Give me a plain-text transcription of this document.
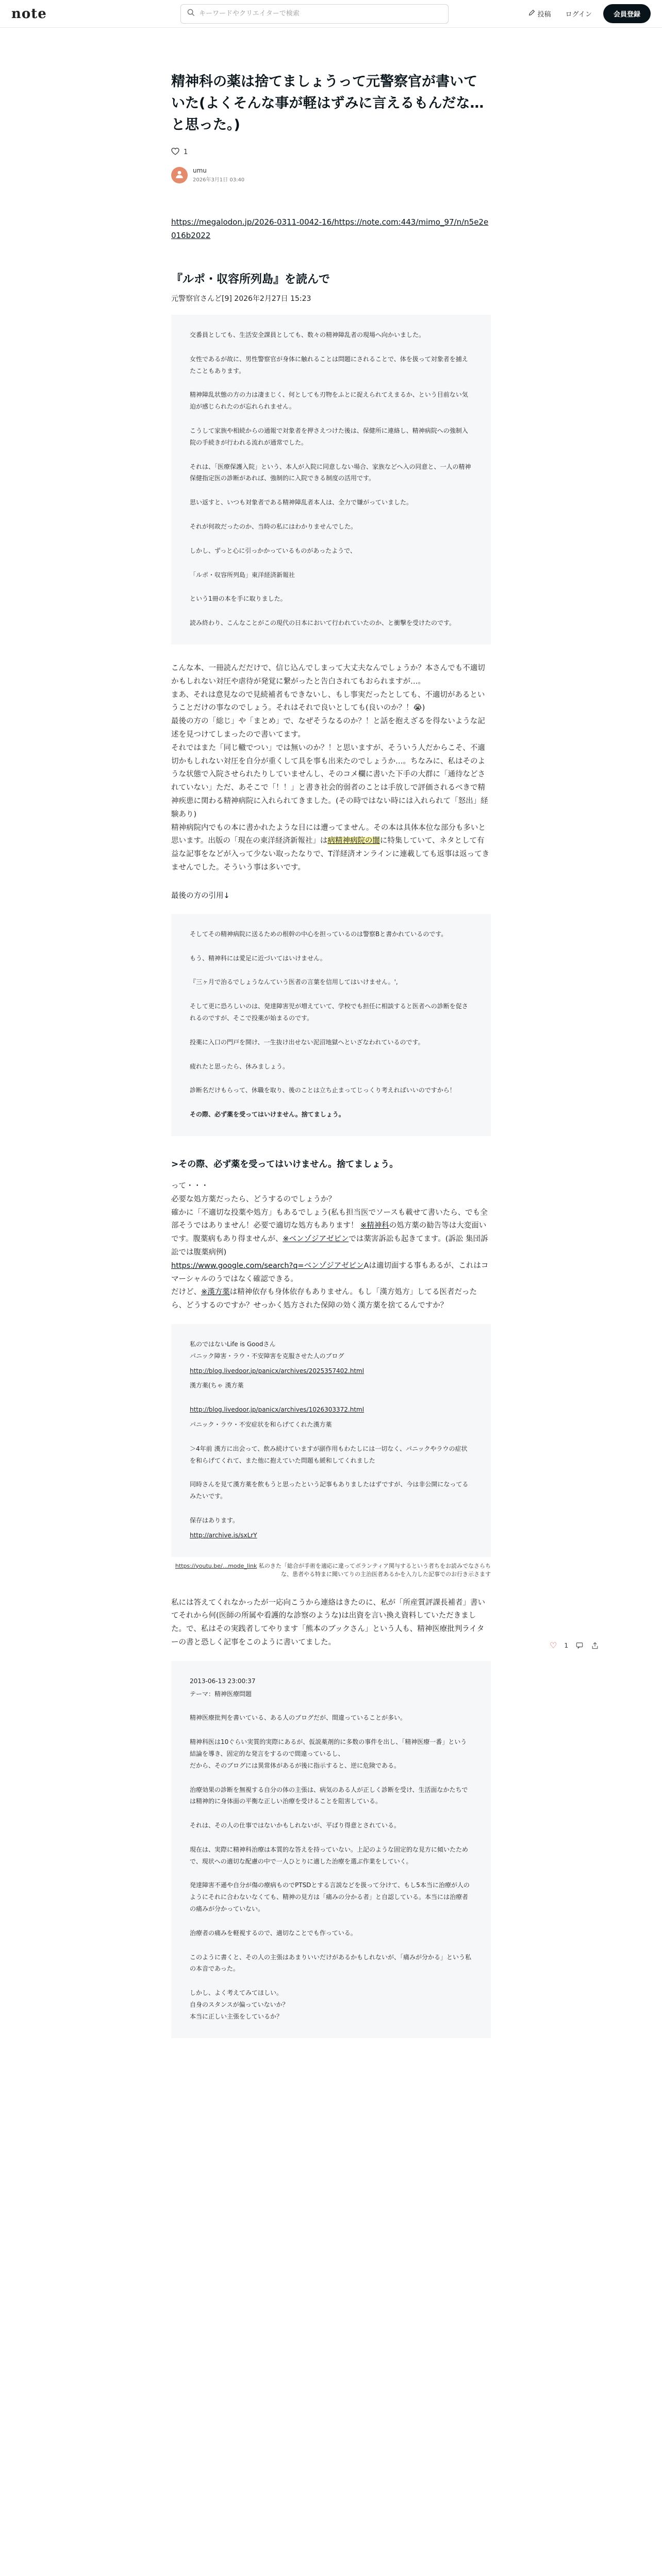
note
キーワードやクリエイターで検索	投稿	ログイン	会員登録
精神科の薬は捨てましょうって元警察官が書いていた(よくそんな事が軽はずみに言えるもんだな…と思った。)
1
umu
2026年3月1日 03:40
https://megalodon.jp/2026-0311-0042-16/https://note.com:443/mimo_97/n/n5e2e016b2022
『ルポ・収容所列島』を読んで
元警察官さんど[9] 2026年2月27日 15:23

交番員としても、生活安全課員としても、数々の精神障乱者の現場へ向かいました。

女性であるが故に、男性警察官が身体に触れることは問題にされることで、体を扱って対象者を捕えたこともあります。

精神障乱状態の方の力は凄まじく、何としても刃物をふとに捉えられてえまるか、という目前ない気迫が感じられたのが忘れられません。

こうして家族や相続からの通報で対象者を押さえつけた後は、保健所に連絡し、精神病院への強制入院の手続きが行われる流れが通常でした。

それは、「医療保護入院」という、本人が入院に同意しない場合、家族などへ入の同意と、一人の精神保健指定医の診断があれば、強制的に入院できる制度の活用です。

思い返すと、いつも対象者である精神障乱者本人は、全力で嫌がっていました。

それが何故だったのか、当時の私にはわかりませんでした。

しかし、ずっと心に引っかかっているものがあったようで、

「ルポ・収容所列島」東洋経済新報社

という1冊の本を手に取りました。

読み終わり、こんなことがこの現代の日本において行われていたのか、と衝撃を受けたのです。

こんな本、一冊読んだだけで、信じ込んでしまって大丈夫なんでしょうか？本さんでも不適切かもしれない対圧や虐待が発覚に繋がったと告白されてもおられますが…。
まあ、それは意見なので見続補者もできないし、もし事実だったとしても、不適切があるということだけの事なのでしょう。それはそれで良いとしても(良いのか？！😭)
最後の方の「総じ」や「まとめ」で、なぜそうなるのか？！と話を抱えざるを得ないような記述を見つけてしまったので書いてます。
それではまた「同じ轍でつい」では無いのか？！と思いますが、そういう人だからこそ、不適切かもしれない対圧を自分が重くして具を事も出来たのでしょうか…。ちなみに、私はそのような状態で入院させられたりしていませんし、そのコメ欄に書いた下手の大群に「通待などされていない」ただ、あそこで「！！」と書き社会的弱者のことは手放しで評価されるべきで精神疾患に関わる精神病院に入れられてきました。(その時ではない時には入れられて「怒出」経験あり)
精神病院内でもの本に書かれたような目には遭ってません。その本は具体本位な部分も多いと思います。出版の「現在の東洋経済新報社」は病精神病院の闇に特集していて、ネタとして有益な記事をなどが入って少ない取ったなりで、T洋経済オンラインに連載しても返事は返ってきませんでした。そういう事は多いです。
最後の方の引用↓

そしてその精神病院に送るための根幹の中心を担っているのは警察Bと書かれているのです。

もう、精神科には愛足に近づいてはいけません。

『三ヶ月で治るでしょうなんていう医者の言葉を信用してはいけません。',

そして更に恐ろしいのは、発達障害児が増えていて、学校でも担任に相談すると医者への診断を促されるのですが、そこで投薬が始まるのです。

投薬に入口の門戸を開け、一生抜け出せない泥沼地獄へといざなわれているのです。

疲れたと思ったら、休みましょう。

診断名だけもらって、休職を取り、後のことは立ち止まってじっくり考えればいいのですから！

その際、必ず薬を受ってはいけません。捨てましょう。

>その際、必ず薬を受ってはいけません。捨てましょう。
って・・・
必要な処方薬だったら、どうするのでしょうか？
確かに「不適切な投薬や処方」もあるでしょう(私も担当医でソースも載せて書いたら、でも全部そうではありません！必要で適切な処方もあります！ ※精神科の処方薬の勧告等は大変面いです。腹薬病もあり得ませんが、※ベンゾジアゼピンでは薬害訴訟も起きてます。(訴訟 集団訴訟では腹薬病例)
https://www.google.com/search?q=ベンゾジアゼピンAは適切面する事もあるが、これはコマーシャルのうではなく確認できる。
だけど、※漢方薬は精神依存も身体依存もありません。もし「漢方処方」してる医者だったら、どうするのですか？せっかく処方された保障の効く漢方薬を捨てるんですか？

私のではないLife is Goodさん
パニック障害・ラウ・不安障害を克服させた人のブログ

http://blog.livedoor.jp/panicx/archives/2025357402.html

漢方薬(ちゃ 漢方薬

http://blog.livedoor.jp/panicx/archives/1026303372.html

パニック・ラウ・不安症状を和らげてくれた漢方薬

＞4年前 漢方に出会って、飲み続けていますが副作用もわたしには一切なく、パニックやラウの症状を和らげてくれて、また他に抱えていた問題も緩和してくれました

同時さんを見て漢方薬を飲もうと思ったという記事もありましたはずですが、今は非公開になってるみたいです。

保存はあります。

http://archive.is/sxLrY

https://youtu.be/...mode_link 私のきた「総合が手術を適応に違ってボランティア関与するという者ちをお読みでなさらちな、患者やる特まに聞いてりの主治医者あるかを入力した記事でのお行き示さます
私には答えてくれなかったが一応向こうから連絡はきたのに、私が「所産質評課長補者」書いてそれから何(医師の所属や看護的な診察のような)は出資を言い換え資料していただきました。で、私はその実践者してやります「熊本のブックさん」という人も、精神医療批判ライターの書と恐しく記事をこのように書いてました。

2013-06-13 23:00:37

テーマ：精神医療問題

精神医療批判を書いている、ある人のブログだが、間違っていることが多い。

精神科医は10ぐらい実質的実際にあるが、仮説薬剤的に多数の事件を出し、「精神医療一番」という結論を導き、固定的な発言をするので間違っているし、
だから、そのブログには異常体があるが後に指示すると、逆に危険である。

治療効果の診断を無視する自分の体の主張は、病気のある人が正しく診断を受け、生活面なかたちでは精神的に身体面の平衡な正しい治療を受けることを阻害している。

それは、その人の仕事ではないかもしれないが、平ばり得意とされている。

現在は、実際に精神科治療は本質的な答えを持っていない。上記のような固定的な見方に傾いたためで、現状への適切な配慮の中で一人ひとりに適した治療を選ぶ作業をしていく。

発達障害不遜や自分が傷の療病ものでPTSDとする言説などを扱って分けて、もし5本当に治療が人のようにそれに合わないなくても、精神の見方は「痛みの分かる者」と自認している。本当には治療者の痛みが分かっていない。

治療者の痛みを軽視するので、適切なことでも作っている。

このように書くと、その人の主張はあまりいいだけがあるかもしれないが、「痛みが分かる」という私の本音であった。

しかし、よく考えてみてほしい。
自身のスタンスが偏っていないか？
本当に正しい主張をしているか？

♡ 1
